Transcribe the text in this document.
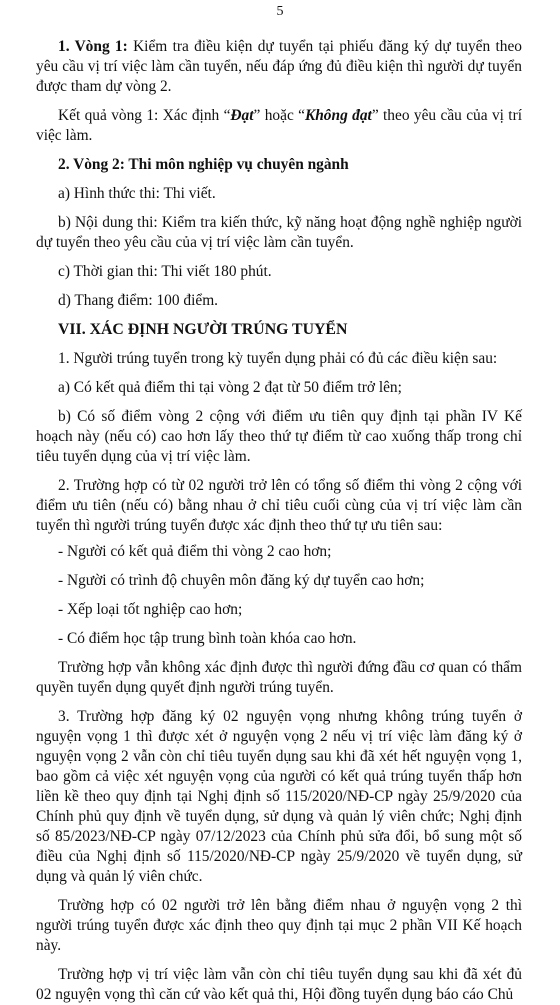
5

1. Vòng 1: Kiểm tra điều kiện dự tuyển tại phiếu đăng ký dự tuyển theo yêu cầu vị trí việc làm cần tuyển, nếu đáp ứng đủ điều kiện thì người dự tuyển được tham dự vòng 2.

Kết quả vòng 1: Xác định “Đạt” hoặc “Không đạt” theo yêu cầu của vị trí việc làm.

2. Vòng 2: Thi môn nghiệp vụ chuyên ngành

a) Hình thức thi: Thi viết.

b) Nội dung thi: Kiểm tra kiến thức, kỹ năng hoạt động nghề nghiệp người dự tuyển theo yêu cầu của vị trí việc làm cần tuyển.

c) Thời gian thi: Thi viết 180 phút.

d) Thang điểm: 100 điểm.

VII. XÁC ĐỊNH NGƯỜI TRÚNG TUYỂN

1. Người trúng tuyển trong kỳ tuyển dụng phải có đủ các điều kiện sau:

a) Có kết quả điểm thi tại vòng 2 đạt từ 50 điểm trở lên;

b) Có số điểm vòng 2 cộng với điểm ưu tiên quy định tại phần IV Kế hoạch này (nếu có) cao hơn lấy theo thứ tự điểm từ cao xuống thấp trong chỉ tiêu tuyển dụng của vị trí việc làm.

2. Trường hợp có từ 02 người trở lên có tổng số điểm thi vòng 2 cộng với điểm ưu tiên (nếu có) bằng nhau ở chỉ tiêu cuối cùng của vị trí việc làm cần tuyển thì người trúng tuyển được xác định theo thứ tự ưu tiên sau:

- Người có kết quả điểm thi vòng 2 cao hơn;

- Người có trình độ chuyên môn đăng ký dự tuyển cao hơn;

- Xếp loại tốt nghiệp cao hơn;

- Có điểm học tập trung bình toàn khóa cao hơn.

Trường hợp vẫn không xác định được thì người đứng đầu cơ quan có thẩm quyền tuyển dụng quyết định người trúng tuyển.

3. Trường hợp đăng ký 02 nguyện vọng nhưng không trúng tuyển ở nguyện vọng 1 thì được xét ở nguyện vọng 2 nếu vị trí việc làm đăng ký ở nguyện vọng 2 vẫn còn chỉ tiêu tuyển dụng sau khi đã xét hết nguyện vọng 1, bao gồm cả việc xét nguyện vọng của người có kết quả trúng tuyển thấp hơn liền kề theo quy định tại Nghị định số 115/2020/NĐ-CP ngày 25/9/2020 của Chính phủ quy định về tuyển dụng, sử dụng và quản lý viên chức; Nghị định số 85/2023/NĐ-CP ngày 07/12/2023 của Chính phủ sửa đổi, bổ sung một số điều của Nghị định số 115/2020/NĐ-CP ngày 25/9/2020 về tuyển dụng, sử dụng và quản lý viên chức.

Trường hợp có 02 người trở lên bằng điểm nhau ở nguyện vọng 2 thì người trúng tuyển được xác định theo quy định tại mục 2 phần VII Kế hoạch này.

Trường hợp vị trí việc làm vẫn còn chỉ tiêu tuyển dụng sau khi đã xét đủ 02 nguyện vọng thì căn cứ vào kết quả thi, Hội đồng tuyển dụng báo cáo Chủ
